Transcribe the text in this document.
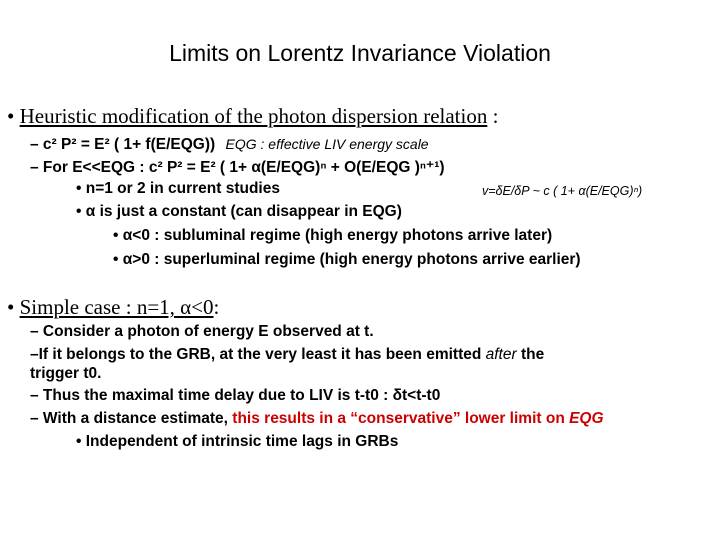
Limits on Lorentz Invariance Violation
• Heuristic modification of the photon dispersion relation :
– c² P² = E² ( 1+ f(E/EQG)) EQG : effective LIV energy scale
– For E<<EQG : c² P² = E² ( 1+ α(E/EQG)ⁿ + O(E/EQG )ⁿ⁺¹)
• n=1 or 2 in current studies	v=δE/δP ~ c ( 1+ α(E/EQG)ⁿ)
• α is just a constant (can disappear in EQG)
• α<0 : subluminal regime (high energy photons arrive later)
• α>0 : superluminal regime (high energy photons arrive earlier)
• Simple case : n=1, α<0:
– Consider a photon of energy E observed at t.
–If it belongs to the GRB, at the very least it has been emitted after the
trigger t0.
– Thus the maximal time delay due to LIV is t-t0 : δt<t-t0
– With a distance estimate, this results in a “conservative” lower limit on EQG
• Independent of intrinsic time lags in GRBs
